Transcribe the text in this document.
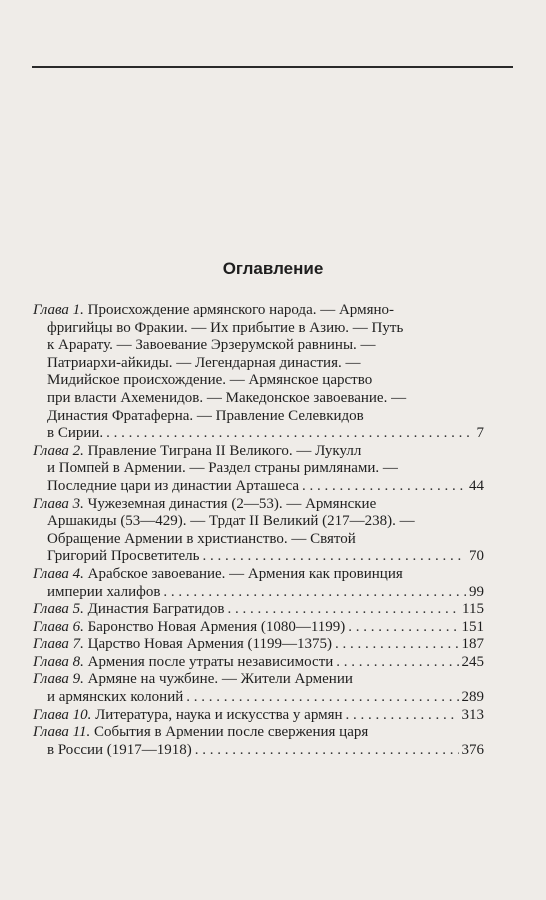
Оглавление
Глава 1. Происхождение армянского народа. — Армяно-
фригийцы во Фракии. — Их прибытие в Азию. — Путь
к Арарату. — Завоевание Эрзерумской равнины. —
Патриархи-айкиды. — Легендарная династия. —
Мидийское происхождение. — Армянское царство
при власти Ахеменидов. — Македонское завоевание. —
Династия Фратаферна. — Правление Селевкидов
в Сирии. . . .	7
Глава 2. Правление Тиграна II Великого. — Лукулл
и Помпей в Армении. — Раздел страны римлянами. —
Последние цари из династии Арташеса . . .	44
Глава 3. Чужеземная династия (2—53). — Армянские
Аршакиды (53—429). — Трдат II Великий (217—238). —
Обращение Армении в христианство. — Святой
Григорий Просветитель . . .	70
Глава 4. Арабское завоевание. — Армения как провинция
империи халифов . . .	99
Глава 5. Династия Багратидов . . .	115
Глава 6. Баронство Новая Армения (1080—1199) . . .	151
Глава 7. Царство Новая Армения (1199—1375) . . .	187
Глава 8. Армения после утраты независимости . . .	245
Глава 9. Армяне на чужбине. — Жители Армении
и армянских колоний . . .	289
Глава 10. Литература, наука и искусства у армян . . .	313
Глава 11. События в Армении после свержения царя
в России (1917—1918) . . .	376
